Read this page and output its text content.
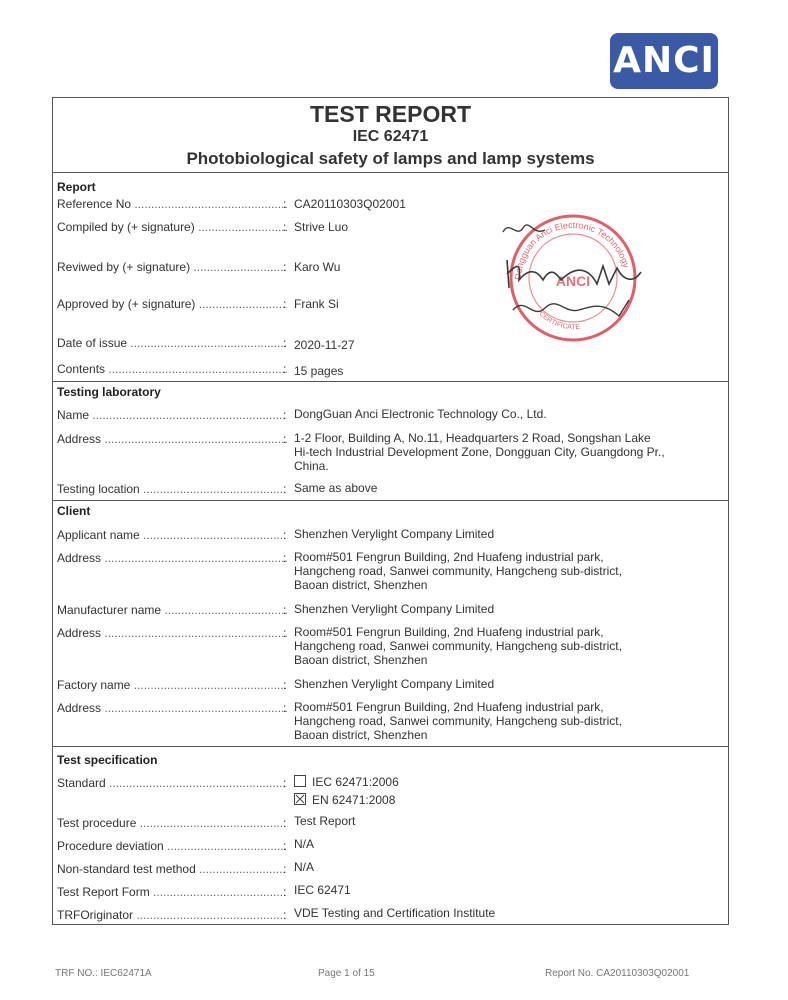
ANCI
TEST REPORT
IEC 62471
Photobiological safety of lamps and lamp systems
Report
Reference No .....	: CA20110303Q02001
Compiled by (+ signature) .....	: Strive Luo
Reviwed by (+ signature) .....	: Karo Wu
Approved by (+ signature) .....	: Frank Si
Date of issue .....	: 2020-11-27
Contents .....	: 15 pages
Testing laboratory
Name .....	: DongGuan Anci Electronic Technology Co., Ltd.
Address .....	: 1-2 Floor, Building A, No.11, Headquarters 2 Road, Songshan Lake
Hi-tech Industrial Development Zone, Dongguan City, Guangdong Pr.,
China.
Testing location .....	: Same as above
Client
Applicant name .....	: Shenzhen Verylight Company Limited
Address .....	: Room#501 Fengrun Building, 2nd Huafeng industrial park,
Hangcheng road, Sanwei community, Hangcheng sub-district,
Baoan district, Shenzhen
Manufacturer name .....	: Shenzhen Verylight Company Limited
Address .....	: Room#501 Fengrun Building, 2nd Huafeng industrial park,
Hangcheng road, Sanwei community, Hangcheng sub-district,
Baoan district, Shenzhen
Factory name .....	: Shenzhen Verylight Company Limited
Address .....	: Room#501 Fengrun Building, 2nd Huafeng industrial park,
Hangcheng road, Sanwei community, Hangcheng sub-district,
Baoan district, Shenzhen
Test specification
Standard .....	:	IEC 62471:2006
EN 62471:2008
Test procedure .....	: Test Report
Procedure deviation .....	: N/A
Non-standard test method .....	: N/A
Test Report Form .....	: IEC 62471
TRFOriginator .....	: VDE Testing and Certification Institute
Dongguan Anci Electronic Technology
CERTIFICATE
ANCI
TRF NO.: IEC62471A	Page 1 of 15	Report No. CA20110303Q02001
